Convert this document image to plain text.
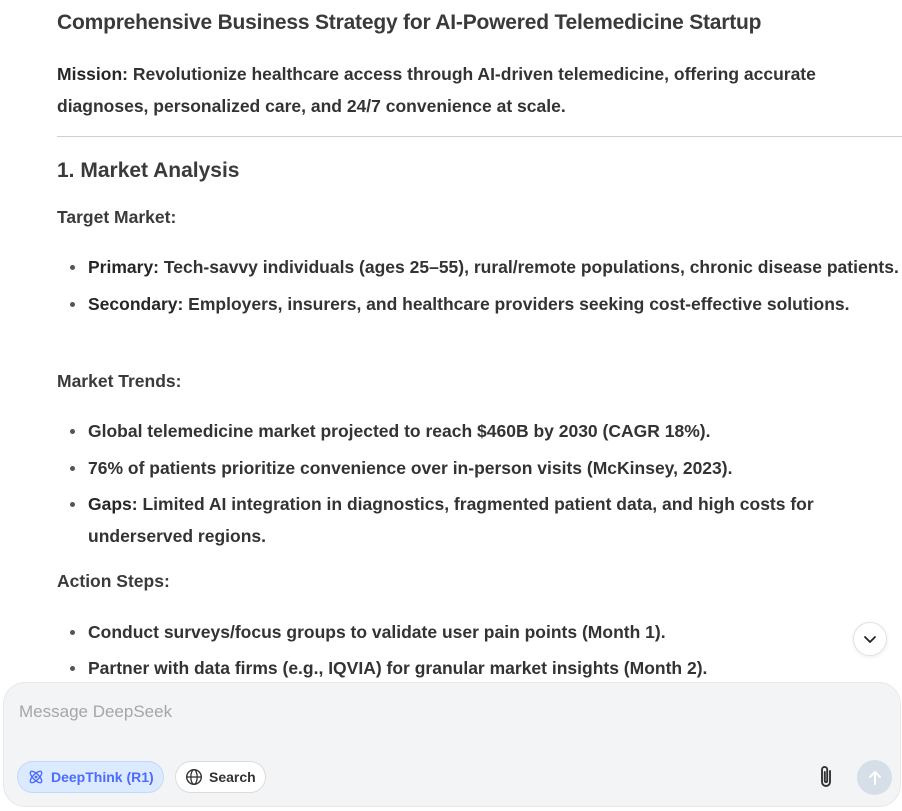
Comprehensive Business Strategy for AI-Powered Telemedicine Startup
Mission: Revolutionize healthcare access through AI-driven telemedicine, offering accurate diagnoses, personalized care, and 24/7 convenience at scale.
1. Market Analysis
Target Market:
Primary: Tech-savvy individuals (ages 25–55), rural/remote populations, chronic disease patients.
Secondary: Employers, insurers, and healthcare providers seeking cost-effective solutions.
Market Trends:
Global telemedicine market projected to reach $460B by 2030 (CAGR 18%).
76% of patients prioritize convenience over in-person visits (McKinsey, 2023).
Gaps: Limited AI integration in diagnostics, fragmented patient data, and high costs for underserved regions.
Action Steps:
Conduct surveys/focus groups to validate user pain points (Month 1).
Partner with data firms (e.g., IQVIA) for granular market insights (Month 2).
Message DeepSeek
DeepThink (R1)	Search
